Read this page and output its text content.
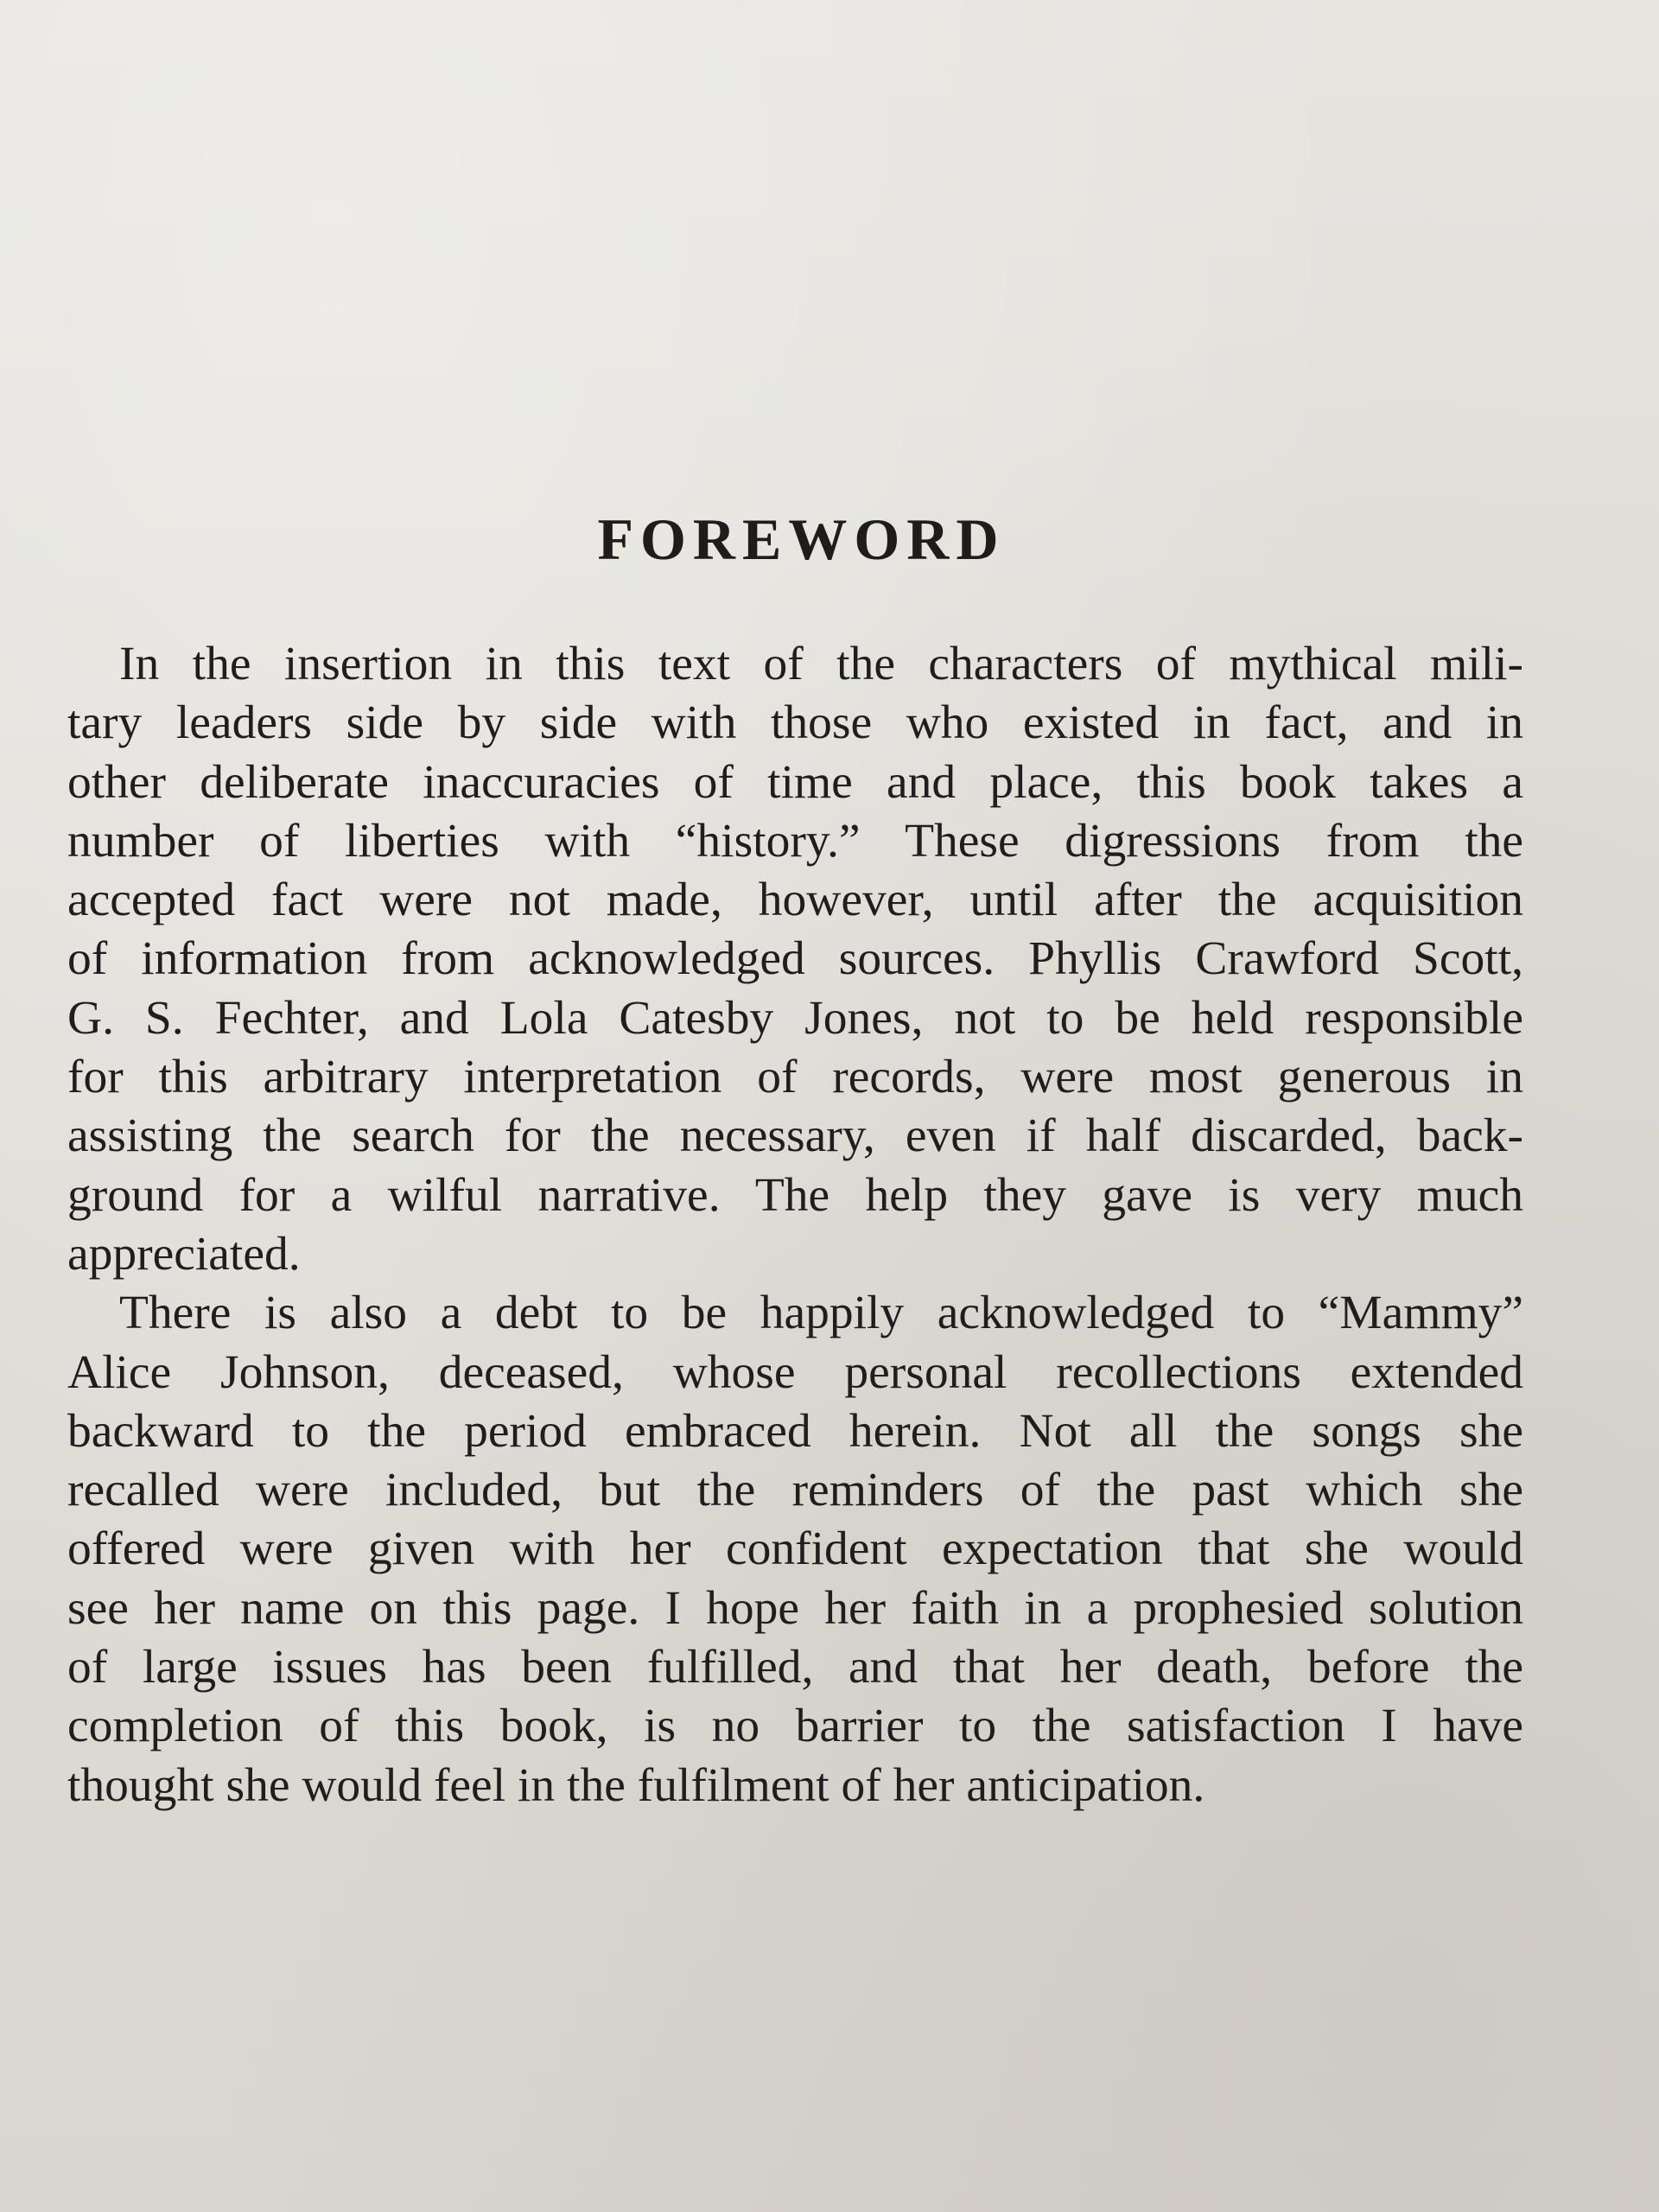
FOREWORD

In the insertion in this text of the characters of mythical mili-
tary leaders side by side with those who existed in fact, and in
other deliberate inaccuracies of time and place, this book takes a
number of liberties with “history.” These digressions from the
accepted fact were not made, however, until after the acquisition
of information from acknowledged sources. Phyllis Crawford Scott,
G. S. Fechter, and Lola Catesby Jones, not to be held responsible
for this arbitrary interpretation of records, were most generous in
assisting the search for the necessary, even if half discarded, back-
ground for a wilful narrative. The help they gave is very much
appreciated.

There is also a debt to be happily acknowledged to “Mammy”
Alice Johnson, deceased, whose personal recollections extended
backward to the period embraced herein. Not all the songs she
recalled were included, but the reminders of the past which she
offered were given with her confident expectation that she would
see her name on this page. I hope her faith in a prophesied solution
of large issues has been fulfilled, and that her death, before the
completion of this book, is no barrier to the satisfaction I have
thought she would feel in the fulfilment of her anticipation.
